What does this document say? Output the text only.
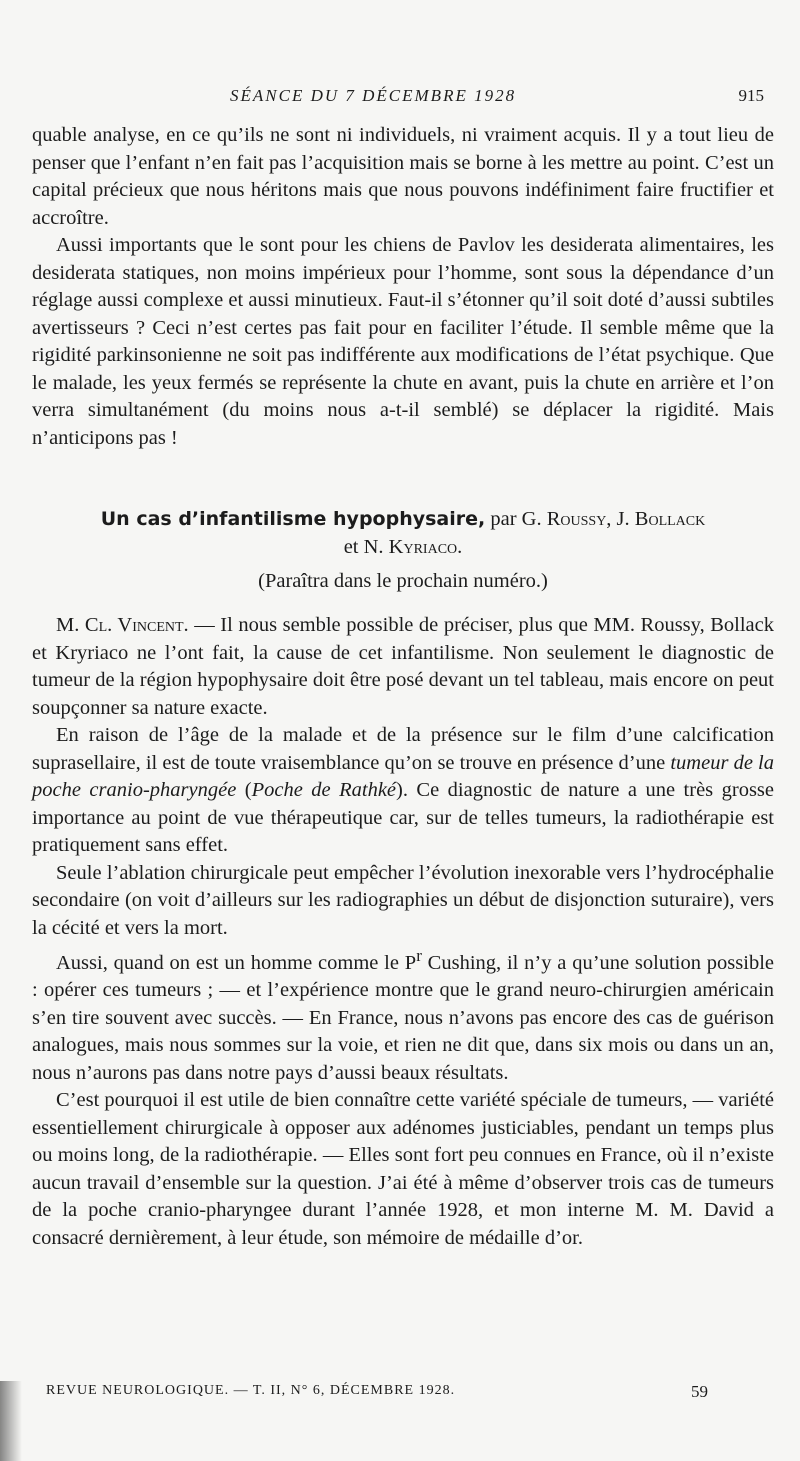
SÉANCE DU 7 DÉCEMBRE 1928	915

quable analyse, en ce qu’ils ne sont ni individuels, ni vraiment acquis. Il y a tout lieu de penser que l’enfant n’en fait pas l’acquisition mais se borne à les mettre au point. C’est un capital précieux que nous héritons mais que nous pouvons indéfiniment faire fructifier et accroître.

Aussi importants que le sont pour les chiens de Pavlov les desiderata alimentaires, les desiderata statiques, non moins impérieux pour l’homme, sont sous la dépendance d’un réglage aussi complexe et aussi minutieux. Faut-il s’étonner qu’il soit doté d’aussi subtiles avertisseurs ? Ceci n’est certes pas fait pour en faciliter l’étude. Il semble même que la rigidité parkinsonienne ne soit pas indifférente aux modifications de l’état psychique. Que le malade, les yeux fermés se représente la chute en avant, puis la chute en arrière et l’on verra simultanément (du moins nous a-t-il semblé) se déplacer la rigidité. Mais n’anticipons pas !

Un cas d’infantilisme hypophysaire, par G. Roussy, J. Bollack
et N. Kyriaco.
(Paraîtra dans le prochain numéro.)

M. Cl. Vincent. — Il nous semble possible de préciser, plus que MM. Roussy, Bollack et Kryriaco ne l’ont fait, la cause de cet infantilisme. Non seulement le diagnostic de tumeur de la région hypophysaire doit être posé devant un tel tableau, mais encore on peut soupçonner sa nature exacte.

En raison de l’âge de la malade et de la présence sur le film d’une calcification suprasellaire, il est de toute vraisemblance qu’on se trouve en présence d’une tumeur de la poche cranio-pharyngée (Poche de Rathké). Ce diagnostic de nature a une très grosse importance au point de vue thérapeutique car, sur de telles tumeurs, la radiothérapie est pratiquement sans effet.

Seule l’ablation chirurgicale peut empêcher l’évolution inexorable vers l’hydrocéphalie secondaire (on voit d’ailleurs sur les radiographies un début de disjonction suturaire), vers la cécité et vers la mort.

Aussi, quand on est un homme comme le $P^r$ Cushing, il n’y a qu’une solution possible : opérer ces tumeurs ; — et l’expérience montre que le grand neuro-chirurgien américain s’en tire souvent avec succès. — En France, nous n’avons pas encore des cas de guérison analogues, mais nous sommes sur la voie, et rien ne dit que, dans six mois ou dans un an, nous n’aurons pas dans notre pays d’aussi beaux résultats.

C’est pourquoi il est utile de bien connaître cette variété spéciale de tumeurs, — variété essentiellement chirurgicale à opposer aux adénomes justiciables, pendant un temps plus ou moins long, de la radiothérapie. — Elles sont fort peu connues en France, où il n’existe aucun travail d’ensemble sur la question. J’ai été à même d’observer trois cas de tumeurs de la poche cranio-pharyngee durant l’année 1928, et mon interne M. M. David a consacré dernièrement, à leur étude, son mémoire de médaille d’or.

REVUE NEUROLOGIQUE. — T. II, N° 6, DÉCEMBRE 1928.	59
